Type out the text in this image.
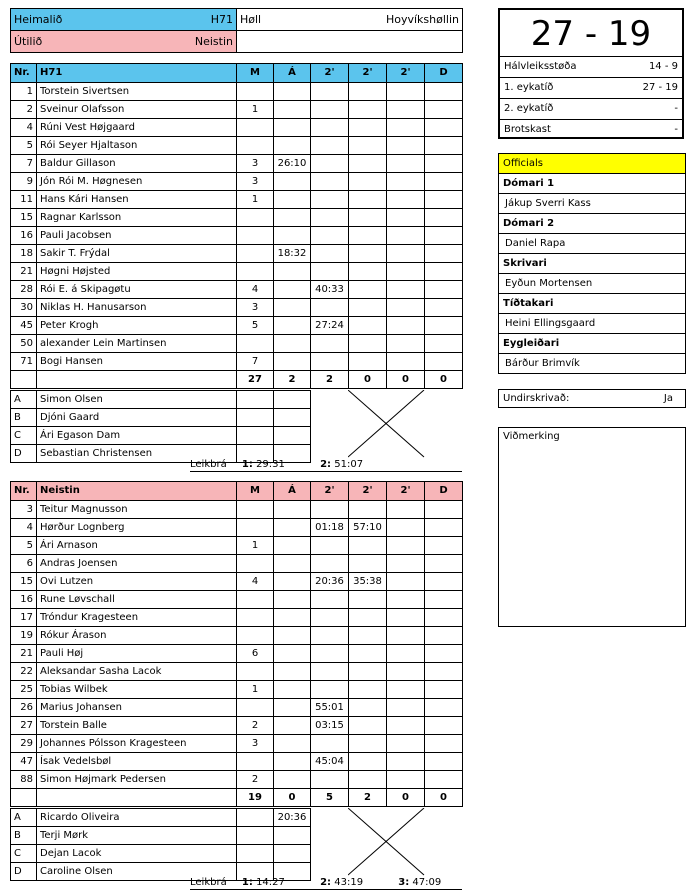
Heimalið H71	Høll Hoyvíkshøllin

Útilið Neistin	

Nr.	H71	M	Á	2'	2'	2'	D
1	Torstein Sivertsen						
2	Sveinur Olafsson	1					
4	Rúni Vest Højgaard						
5	Rói Seyer Hjaltason						
7	Baldur Gillason	3	26:10				
9	Jón Rói M. Høgnesen	3					
11	Hans Kári Hansen	1					
15	Ragnar Karlsson						
16	Pauli Jacobsen						
18	Sakir T. Frýdal		18:32				
21	Høgni Højsted						
28	Rói E. á Skipagøtu	4		40:33			
30	Niklas H. Hanusarson	3					
45	Peter Krogh	5		27:24			
50	alexander Lein Martinsen						
71	Bogi Hansen	7					
		27	2	2	0	0	0
A	Simon Olsen			
B	Djóni Gaard			
C	Ári Egason Dam			
D	Sebastian Christensen			
Leikbrá 1: 29:31	2: 51:07
Nr.	Neistin	M	Á	2'	2'	2'	D
3	Teitur Magnusson						
4	Hørður Lognberg			01:18	57:10		
5	Ári Arnason	1					
6	Andras Joensen						
15	Ovi Lutzen	4		20:36	35:38		
16	Rune Løvschall						
17	Tróndur Kragesteen						
19	Rókur Árason						
21	Pauli Høj	6					
22	Aleksandar Sasha Lacok						
25	Tobias Wilbek	1					
26	Marius Johansen			55:01			
27	Torstein Balle	2		03:15			
29	Johannes Pólsson Kragesteen	3					
47	Ísak Vedelsbøl			45:04			
88	Simon Højmark Pedersen	2					
		19	0	5	2	0	0
A	Ricardo Oliveira		20:36	
B	Terji Mørk			
C	Dejan Lacok			
D	Caroline Olsen			
Leikbrá 1: 14:27	2: 43:19	3: 47:09
27 - 19
Hálvleiksstøða	14 - 9
1. eykatíð	27 - 19
2. eykatíð	-
Brotskast	-
Officials
Dómari 1
Jákup Sverri Kass
Dómari 2
Daniel Rapa
Skrivari
Eyðun Mortensen
Tíðtakari
Heini Ellingsgaard
Eygleiðari
Bárður Brimvík
Undirskrivað:	Ja
Viðmerking
